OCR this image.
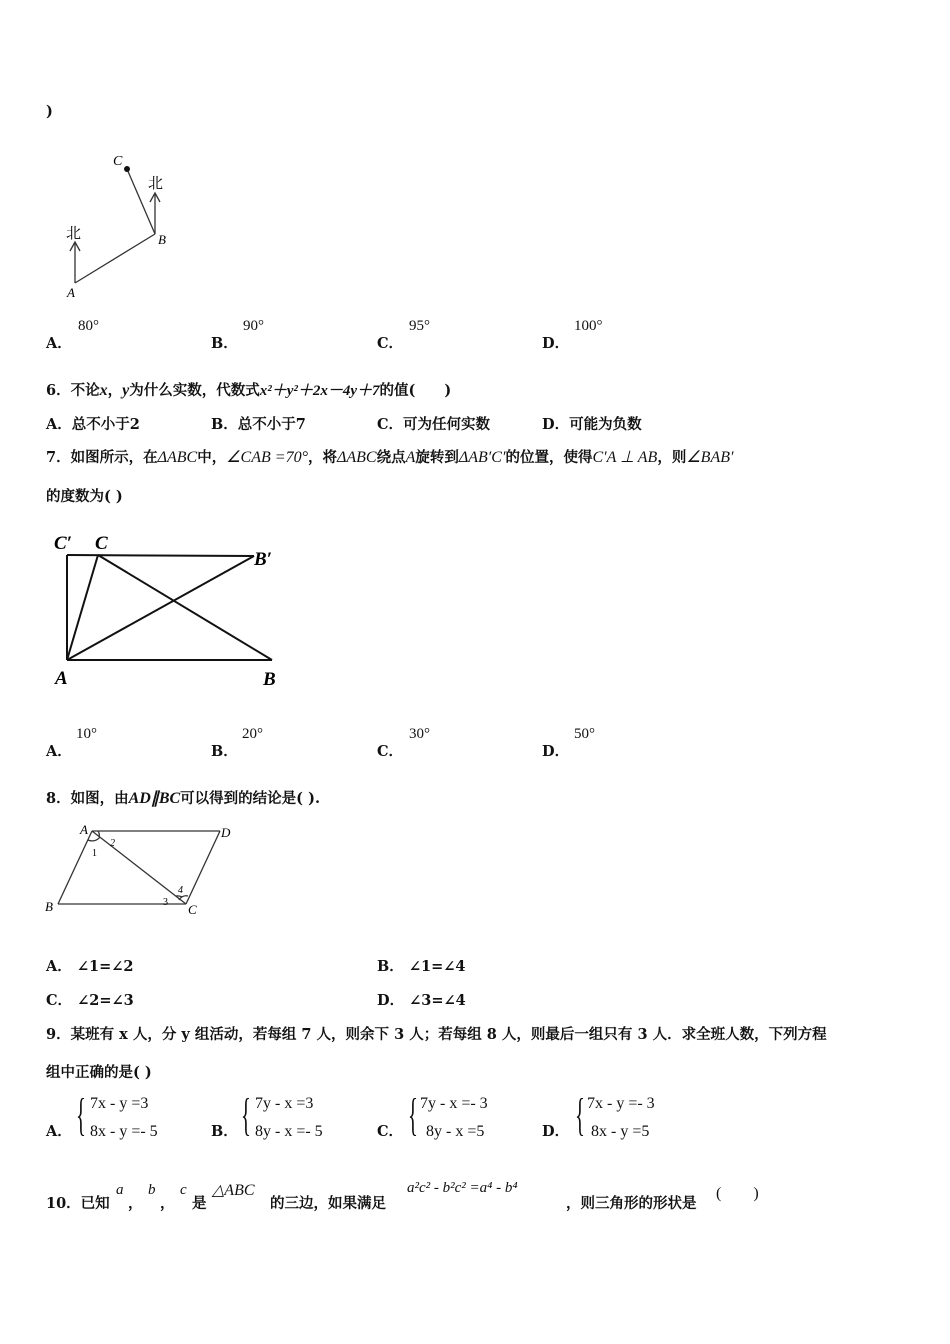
)
C
B
A
北
北
A．
80°
B．
90°
C．
95°
D．
100°
6．不论x，y为什么实数，代数式x²＋y²＋2x－4y＋7的值(　　)
A．总不小于2	B．总不小于7	C．可为任何实数	D．可能为负数
7．如图所示，在ΔABC中，∠CAB =70°，将ΔABC绕点A旋转到ΔAB′C′的位置，使得C′A ⊥ AB，则∠BAB′
的度数为( )
C′ C
B′
A	B
A．
10°
B．
20°
C．
30°
D．
50°
8．如图，由AD∥BC可以得到的结论是( ).
A	D
B	C
1
2
3
4
A． ∠1=∠2	B． ∠1=∠4
C． ∠2=∠3	D． ∠3=∠4
9．某班有 x 人，分 y 组活动，若每组 7 人，则余下 3 人；若每组 8 人，则最后一组只有 3 人．求全班人数，下列方程
组中正确的是( )
A． { 7x - y =3
8x - y =- 5	B． { 7y - x =3
8y - x =- 5	C． { 7y - x =- 3
8y - x =5	D． { 7x - y =- 3
8x - y =5
10．已知
a
，
b
，
c
是
△ABC
的三边，如果满足
a²c² - b²c² =a⁴ - b⁴
，则三角形的形状是
(　　)
